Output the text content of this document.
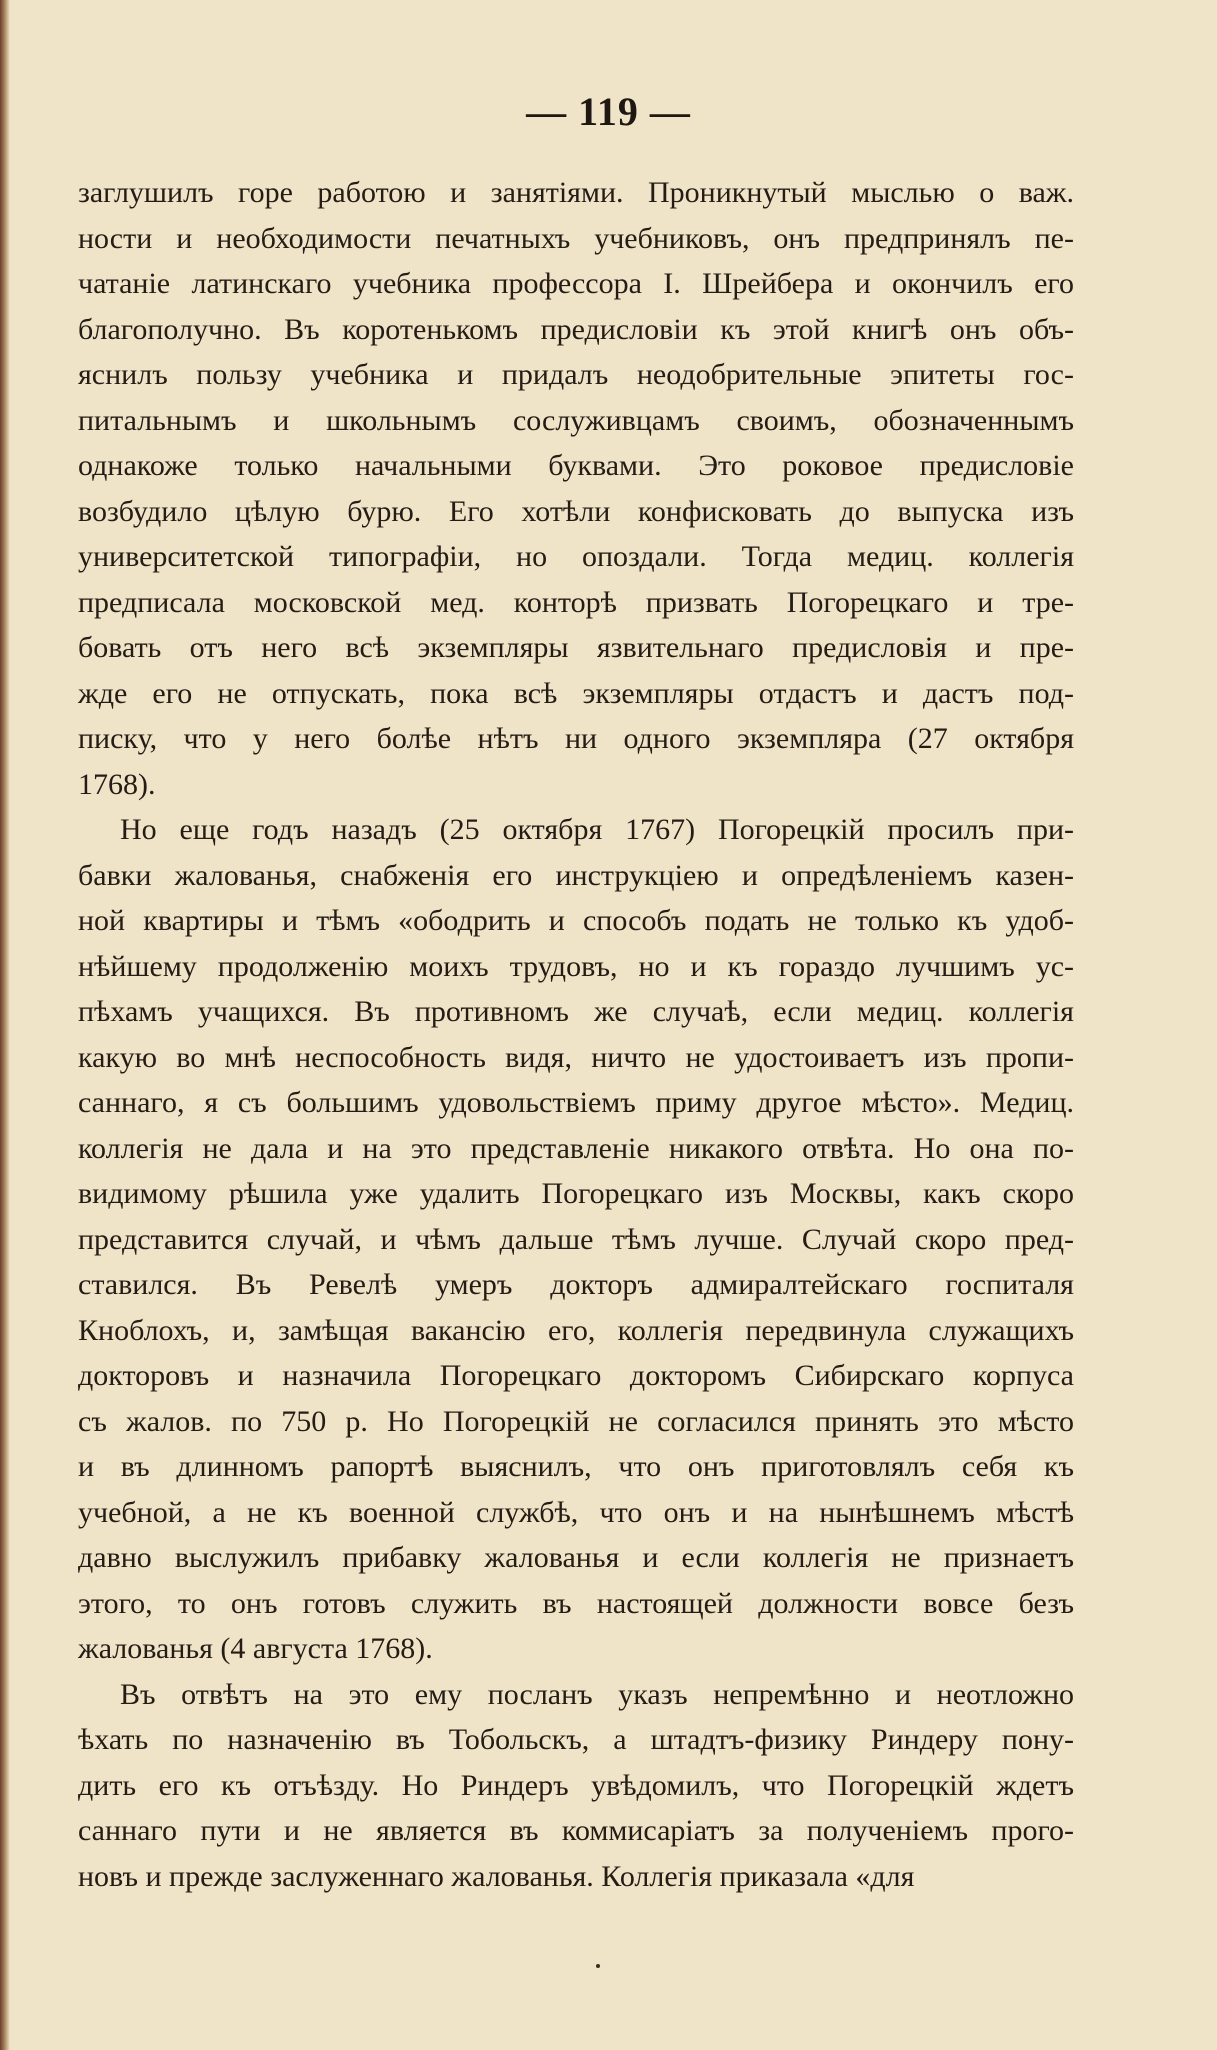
— 119 —
заглушилъ горе работою и занятіями. Проникнутый мыслью о важ.
ности и необходимости печатныхъ учебниковъ, онъ предпринялъ пе-
чатаніе латинскаго учебника профессора І. Шрейбера и окончилъ его
благополучно. Въ коротенькомъ предисловіи къ этой книгѣ онъ объ-
яснилъ пользу учебника и придалъ неодобрительные эпитеты гос-
питальнымъ и школьнымъ сослуживцамъ своимъ, обозначеннымъ
однакоже только начальными буквами. Это роковое предисловіе
возбудило цѣлую бурю. Его хотѣли конфисковать до выпуска изъ
университетской типографіи, но опоздали. Тогда медиц. коллегія
предписала московской мед. конторѣ призвать Погорецкаго и тре-
бовать отъ него всѣ экземпляры язвительнаго предисловія и пре-
жде его не отпускать, пока всѣ экземпляры отдастъ и дастъ под-
писку, что у него болѣе нѣтъ ни одного экземпляра (27 октября
1768).
Но еще годъ назадъ (25 октября 1767) Погорецкій просилъ при-
бавки жалованья, снабженія его инструкціею и опредѣленіемъ казен-
ной квартиры и тѣмъ «ободрить и способъ подать не только къ удоб-
нѣйшему продолженію моихъ трудовъ, но и къ гораздо лучшимъ ус-
пѣхамъ учащихся. Въ противномъ же случаѣ, если медиц. коллегія
какую во мнѣ неспособность видя, ничто не удостоиваетъ изъ пропи-
саннаго, я съ большимъ удовольствіемъ приму другое мѣсто». Медиц.
коллегія не дала и на это представленіе никакого отвѣта. Но она по-
видимому рѣшила уже удалить Погорецкаго изъ Москвы, какъ скоро
представится случай, и чѣмъ дальше тѣмъ лучше. Случай скоро пред-
ставился. Въ Ревелѣ умеръ докторъ адмиралтейскаго госпиталя
Кноблохъ, и, замѣщая вакансію его, коллегія передвинула служащихъ
докторовъ и назначила Погорецкаго докторомъ Сибирскаго корпуса
съ жалов. по 750 р. Но Погорецкій не согласился принять это мѣсто
и въ длинномъ рапортѣ выяснилъ, что онъ приготовлялъ себя къ
учебной, а не къ военной службѣ, что онъ и на нынѣшнемъ мѣстѣ
давно выслужилъ прибавку жалованья и если коллегія не признаетъ
этого, то онъ готовъ служить въ настоящей должности вовсе безъ
жалованья (4 августа 1768).
Въ отвѣтъ на это ему посланъ указъ непремѣнно и неотложно
ѣхать по назначенію въ Тобольскъ, а штадтъ-физику Риндеру пону-
дить его къ отъѣзду. Но Риндеръ увѣдомилъ, что Погорецкій ждетъ
саннаго пути и не является въ коммисаріатъ за полученіемъ прого-
новъ и прежде заслуженнаго жалованья. Коллегія приказала «для
